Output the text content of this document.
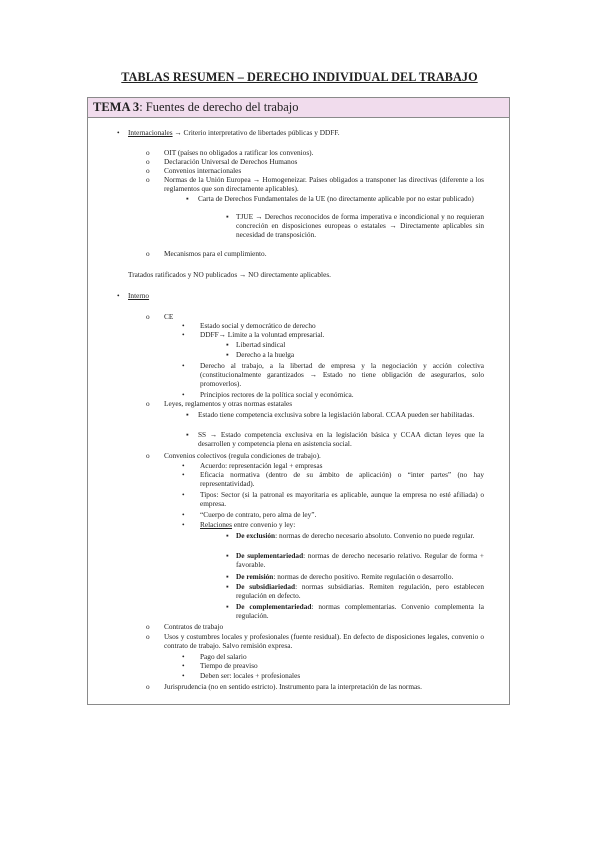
TABLAS RESUMEN – DERECHO INDIVIDUAL DEL TRABAJO
TEMA 3: Fuentes de derecho del trabajo
• Internacionales → Criterio interpretativo de libertades públicas y DDFF.
o OIT (países no obligados a ratificar los convenios).
o Declaración Universal de Derechos Humanos
o Convenios internacionales
o Normas de la Unión Europea → Homogeneizar. Países obligados a transponer las directivas (diferente a los reglamentos que son directamente aplicables).
▪ Carta de Derechos Fundamentales de la UE (no directamente aplicable por no estar publicado)
▪ TJUE → Derechos reconocidos de forma imperativa e incondicional y no requieran concreción en disposiciones europeas o estatales → Directamente aplicables sin necesidad de transposición.
o Mecanismos para el cumplimiento.
Tratados ratificados y NO publicados → NO directamente aplicables.
• Interno
o CE
• Estado social y democrático de derecho
• DDFF→ Límite a la voluntad empresarial.
▪ Libertad sindical
▪ Derecho a la huelga
• Derecho al trabajo, a la libertad de empresa y la negociación y acción colectiva (constitucionalmente garantizados → Estado no tiene obligación de asegurarlos, solo promoverlos).
• Principios rectores de la política social y económica.
o Leyes, reglamentos y otras normas estatales
▪ Estado tiene competencia exclusiva sobre la legislación laboral. CCAA pueden ser habilitadas.
▪ SS → Estado competencia exclusiva en la legislación básica y CCAA dictan leyes que la desarrollen y competencia plena en asistencia social.
o Convenios colectivos (regula condiciones de trabajo).
• Acuerdo: representación legal + empresas
• Eficacia normativa (dentro de su ámbito de aplicación) o “inter partes” (no hay representatividad).
• Tipos: Sector (si la patronal es mayoritaria es aplicable, aunque la empresa no esté afiliada) o empresa.
• “Cuerpo de contrato, pero alma de ley”.
• Relaciones entre convenio y ley:
▪ De exclusión: normas de derecho necesario absoluto. Convenio no puede regular.
▪ De suplementariedad: normas de derecho necesario relativo. Regular de forma + favorable.
▪ De remisión: normas de derecho positivo. Remite regulación o desarrollo.
▪ De subsidiariedad: normas subsidiarias. Remiten regulación, pero establecen regulación en defecto.
▪ De complementariedad: normas complementarias. Convenio complementa la regulación.
o Contratos de trabajo
o Usos y costumbres locales y profesionales (fuente residual). En defecto de disposiciones legales, convenio o contrato de trabajo. Salvo remisión expresa.
• Pago del salario
• Tiempo de preaviso
• Deben ser: locales + profesionales
o Jurisprudencia (no en sentido estricto). Instrumento para la interpretación de las normas.
